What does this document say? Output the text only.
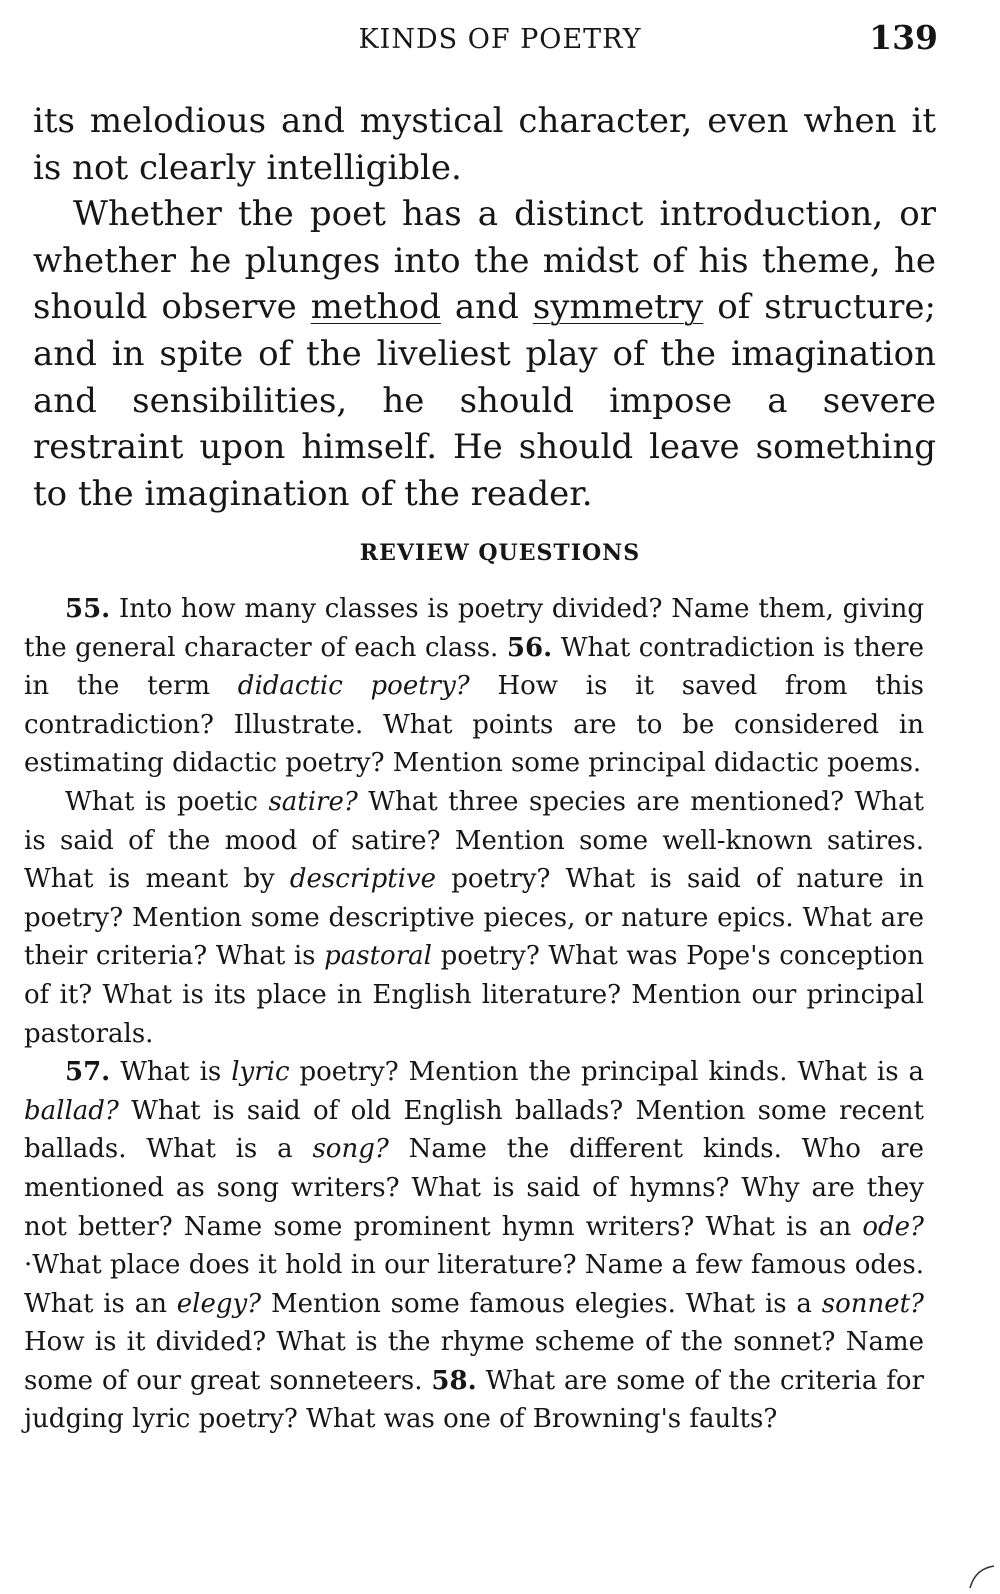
KINDS OF POETRY	139

its melodious and mystical character, even when it is not clearly intelligible.

Whether the poet has a distinct introduction, or whether he plunges into the midst of his theme, he should observe method and symmetry of structure; and in spite of the liveliest play of the imagination and sensibilities, he should impose a severe restraint upon himself. He should leave something to the imagination of the reader.

REVIEW QUESTIONS

55. Into how many classes is poetry divided? Name them, giving the general character of each class. 56. What contradiction is there in the term didactic poetry? How is it saved from this contradiction? Illustrate. What points are to be considered in estimating didactic poetry? Mention some principal didactic poems.

What is poetic satire? What three species are mentioned? What is said of the mood of satire? Mention some well-known satires. What is meant by descriptive poetry? What is said of nature in poetry? Mention some descriptive pieces, or nature epics. What are their criteria? What is pastoral poetry? What was Pope's conception of it? What is its place in English literature? Mention our principal pastorals.

57. What is lyric poetry? Mention the principal kinds. What is a ballad? What is said of old English ballads? Mention some recent ballads. What is a song? Name the different kinds. Who are mentioned as song writers? What is said of hymns? Why are they not better? Name some prominent hymn writers? What is an ode? ·What place does it hold in our literature? Name a few famous odes. What is an elegy? Mention some famous elegies. What is a sonnet? How is it divided? What is the rhyme scheme of the sonnet? Name some of our great sonneteers. 58. What are some of the criteria for judging lyric poetry? What was one of Browning's faults?
